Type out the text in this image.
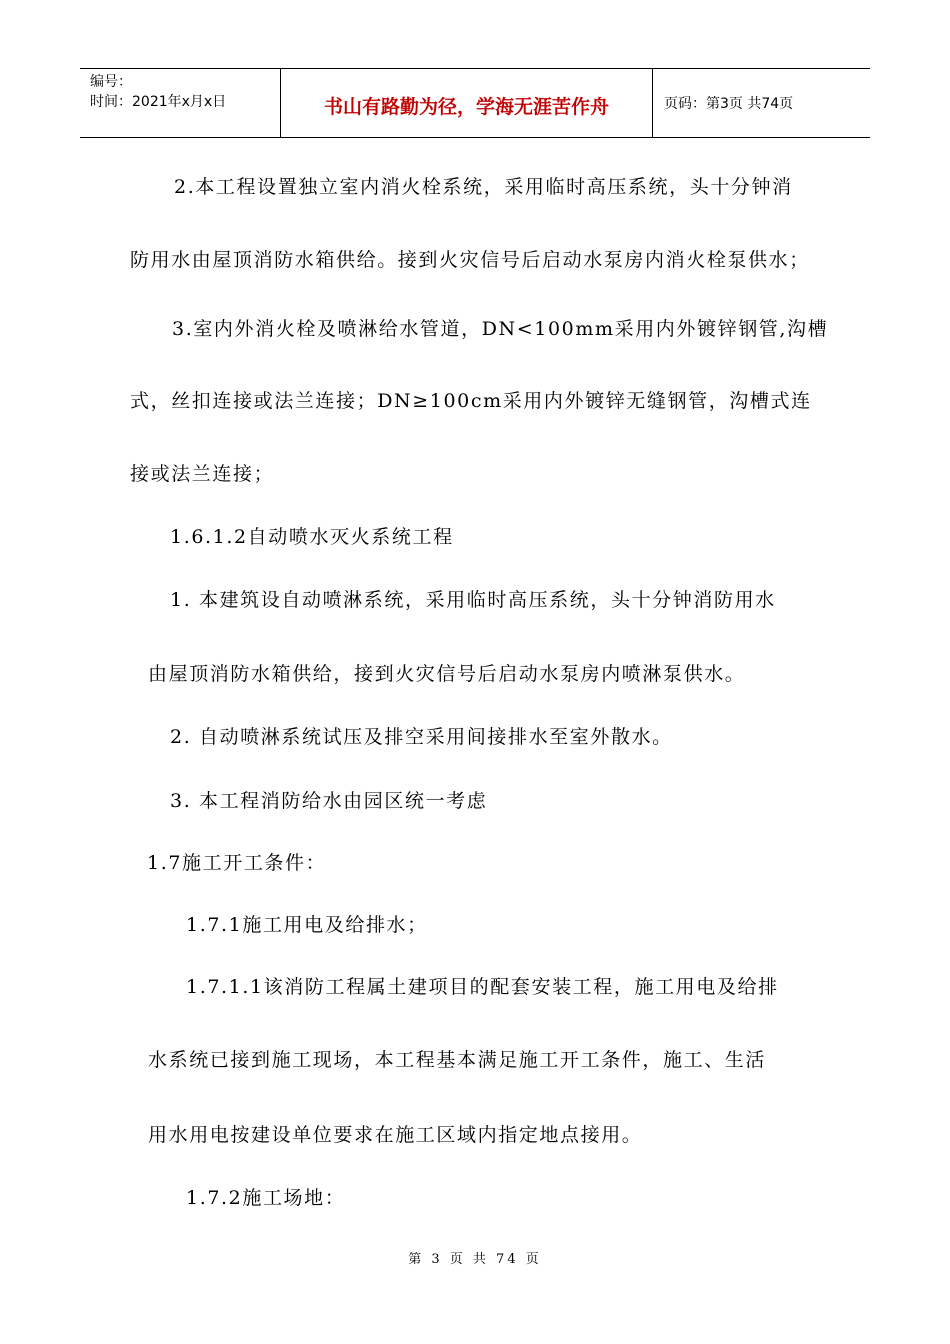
编号：
时间：2021年x月x日	书山有路勤为径，学海无涯苦作舟	页码：第3页 共74页
2.本工程设置独立室内消火栓系统，采用临时高压系统，头十分钟消
防用水由屋顶消防水箱供给。接到火灾信号后启动水泵房内消火栓泵供水；
3.室内外消火栓及喷淋给水管道，DN<100mm采用内外镀锌钢管,沟槽
式，丝扣连接或法兰连接；DN≥100cm采用内外镀锌无缝钢管，沟槽式连
接或法兰连接；
1.6.1.2自动喷水灭火系统工程
1. 本建筑设自动喷淋系统，采用临时高压系统，头十分钟消防用水
由屋顶消防水箱供给，接到火灾信号后启动水泵房内喷淋泵供水。
2. 自动喷淋系统试压及排空采用间接排水至室外散水。
3. 本工程消防给水由园区统一考虑
1.7施工开工条件：
1.7.1施工用电及给排水；
1.7.1.1该消防工程属土建项目的配套安装工程，施工用电及给排
水系统已接到施工现场，本工程基本满足施工开工条件，施工、生活
用水用电按建设单位要求在施工区域内指定地点接用。
1.7.2施工场地：
第 3 页 共 74 页
